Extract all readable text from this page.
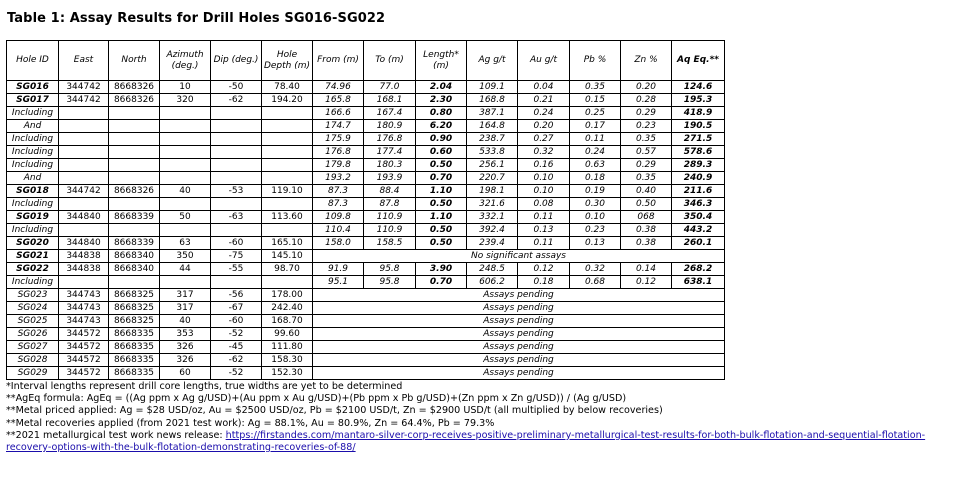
Table 1: Assay Results for Drill Holes SG016-SG022
Hole ID	East	North	Azimuth (deg.)	Dip (deg.)	Hole Depth (m)	From (m)	To (m)	Length* (m)	Ag g/t	Au g/t	Pb %	Zn %	Aq Eq.**
SG016	344742	8668326	10	-50	78.40	74.96	77.0	2.04	109.1	0.04	0.35	0.20	124.6
SG017	344742	8668326	320	-62	194.20	165.8	168.1	2.30	168.8	0.21	0.15	0.28	195.3
Including						166.6	167.4	0.80	387.1	0.24	0.25	0.29	418.9
And						174.7	180.9	6.20	164.8	0.20	0.17	0.23	190.5
Including						175.9	176.8	0.90	238.7	0.27	0.11	0.35	271.5
Including						176.8	177.4	0.60	533.8	0.32	0.24	0.57	578.6
Including						179.8	180.3	0.50	256.1	0.16	0.63	0.29	289.3
And						193.2	193.9	0.70	220.7	0.10	0.18	0.35	240.9
SG018	344742	8668326	40	-53	119.10	87.3	88.4	1.10	198.1	0.10	0.19	0.40	211.6
Including						87.3	87.8	0.50	321.6	0.08	0.30	0.50	346.3
SG019	344840	8668339	50	-63	113.60	109.8	110.9	1.10	332.1	0.11	0.10	068	350.4
Including						110.4	110.9	0.50	392.4	0.13	0.23	0.38	443.2
SG020	344840	8668339	63	-60	165.10	158.0	158.5	0.50	239.4	0.11	0.13	0.38	260.1
SG021	344838	8668340	350	-75	145.10	No significant assays							
SG022	344838	8668340	44	-55	98.70	91.9	95.8	3.90	248.5	0.12	0.32	0.14	268.2
Including						95.1	95.8	0.70	606.2	0.18	0.68	0.12	638.1
SG023	344743	8668325	317	-56	178.00	Assays pending							
SG024	344743	8668325	317	-67	242.40	Assays pending							
SG025	344743	8668325	40	-60	168.70	Assays pending							
SG026	344572	8668335	353	-52	99.60	Assays pending							
SG027	344572	8668335	326	-45	111.80	Assays pending							
SG028	344572	8668335	326	-62	158.30	Assays pending							
SG029	344572	8668335	60	-52	152.30	Assays pending							
*Interval lengths represent drill core lengths, true widths are yet to be determined
**AgEq formula: AgEq = ((Ag ppm x Ag g/USD)+(Au ppm x Au g/USD)+(Pb ppm x Pb g/USD)+(Zn ppm x Zn g/USD)) / (Ag g/USD)
**Metal priced applied: Ag = $28 USD/oz, Au = $2500 USD/oz, Pb = $2100 USD/t, Zn = $2900 USD/t (all multiplied by below recoveries)
**Metal recoveries applied (from 2021 test work): Ag = 88.1%, Au = 80.9%, Zn = 64.4%, Pb = 79.3%
**2021 metallurgical test work news release: https://firstandes.com/mantaro-silver-corp-receives-positive-preliminary-metallurgical-test-results-for-both-bulk-flotation-and-sequential-flotation-recovery-options-with-the-bulk-flotation-demonstrating-recoveries-of-88/
